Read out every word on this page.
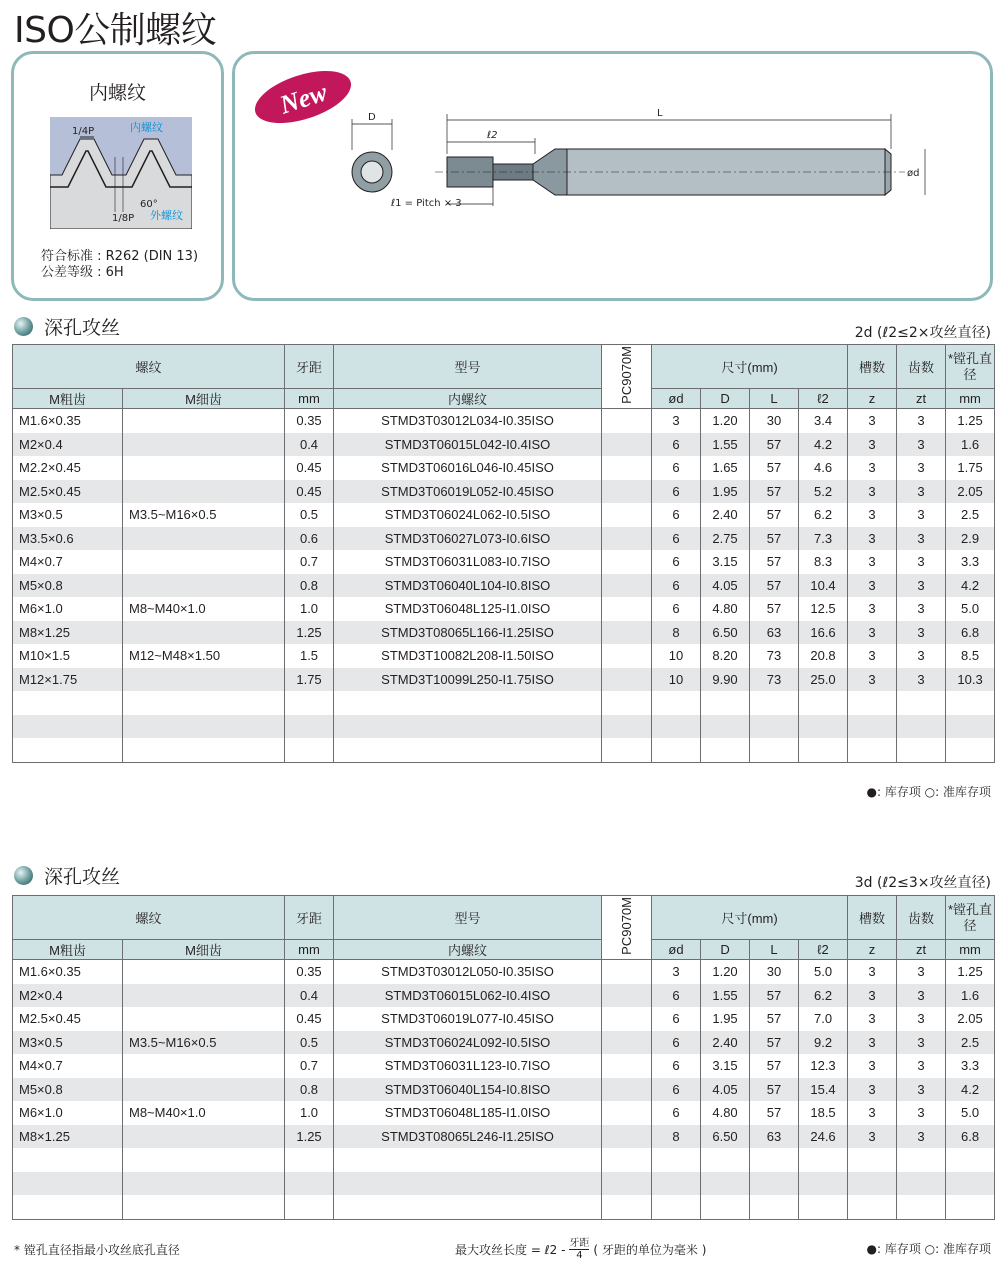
ISO公制螺纹
内螺纹
1/4P
60°
1/8P
内螺纹
外螺纹
符合标准 : R262 (DIN 13)
公差等级 : 6H
New	D	L
ℓ2
ℓ1 = Pitch × 3
ød
深孔攻丝	2d (ℓ2≤2×攻丝直径)
螺纹		牙距	型号	PC9070M	尺寸(mm)				槽数	齿数	*镗孔直径
M粗齿	M细齿	mm	内螺纹		ød	D	L	ℓ2	z	zt	mm
M1.6×0.35		0.35	STMD3T03012L034-I0.35ISO		3	1.20	30	3.4	3	3	1.25
M2×0.4		0.4	STMD3T06015L042-I0.4ISO		6	1.55	57	4.2	3	3	1.6
M2.2×0.45		0.45	STMD3T06016L046-I0.45ISO		6	1.65	57	4.6	3	3	1.75
M2.5×0.45		0.45	STMD3T06019L052-I0.45ISO		6	1.95	57	5.2	3	3	2.05
M3×0.5	M3.5~M16×0.5	0.5	STMD3T06024L062-I0.5ISO		6	2.40	57	6.2	3	3	2.5
M3.5×0.6		0.6	STMD3T06027L073-I0.6ISO		6	2.75	57	7.3	3	3	2.9
M4×0.7		0.7	STMD3T06031L083-I0.7ISO		6	3.15	57	8.3	3	3	3.3
M5×0.8		0.8	STMD3T06040L104-I0.8ISO		6	4.05	57	10.4	3	3	4.2
M6×1.0	M8~M40×1.0	1.0	STMD3T06048L125-I1.0ISO		6	4.80	57	12.5	3	3	5.0
M8×1.25		1.25	STMD3T08065L166-I1.25ISO		8	6.50	63	16.6	3	3	6.8
M10×1.5	M12~M48×1.50	1.5	STMD3T10082L208-I1.50ISO		10	8.20	73	20.8	3	3	8.5
M12×1.75		1.75	STMD3T10099L250-I1.75ISO		10	9.90	73	25.0	3	3	10.3

●: 库存项 ○: 准库存项
深孔攻丝	3d (ℓ2≤3×攻丝直径)
螺纹		牙距	型号	PC9070M	尺寸(mm)				槽数	齿数	*镗孔直径
M粗齿	M细齿	mm	内螺纹		ød	D	L	ℓ2	z	zt	mm
M1.6×0.35		0.35	STMD3T03012L050-I0.35ISO		3	1.20	30	5.0	3	3	1.25
M2×0.4		0.4	STMD3T06015L062-I0.4ISO		6	1.55	57	6.2	3	3	1.6
M2.5×0.45		0.45	STMD3T06019L077-I0.45ISO		6	1.95	57	7.0	3	3	2.05
M3×0.5	M3.5~M16×0.5	0.5	STMD3T06024L092-I0.5ISO		6	2.40	57	9.2	3	3	2.5
M4×0.7		0.7	STMD3T06031L123-I0.7ISO		6	3.15	57	12.3	3	3	3.3
M5×0.8		0.8	STMD3T06040L154-I0.8ISO		6	4.05	57	15.4	3	3	4.2
M6×1.0	M8~M40×1.0	1.0	STMD3T06048L185-I1.0ISO		6	4.80	57	18.5	3	3	5.0
M8×1.25		1.25	STMD3T08065L246-I1.25ISO		8	6.50	63	24.6	3	3	6.8

* 镗孔直径指最小攻丝底孔直径	最大攻丝长度 = ℓ2 - 牙距
4 ( 牙距的单位为毫米 )	●: 库存项 ○: 准库存项
